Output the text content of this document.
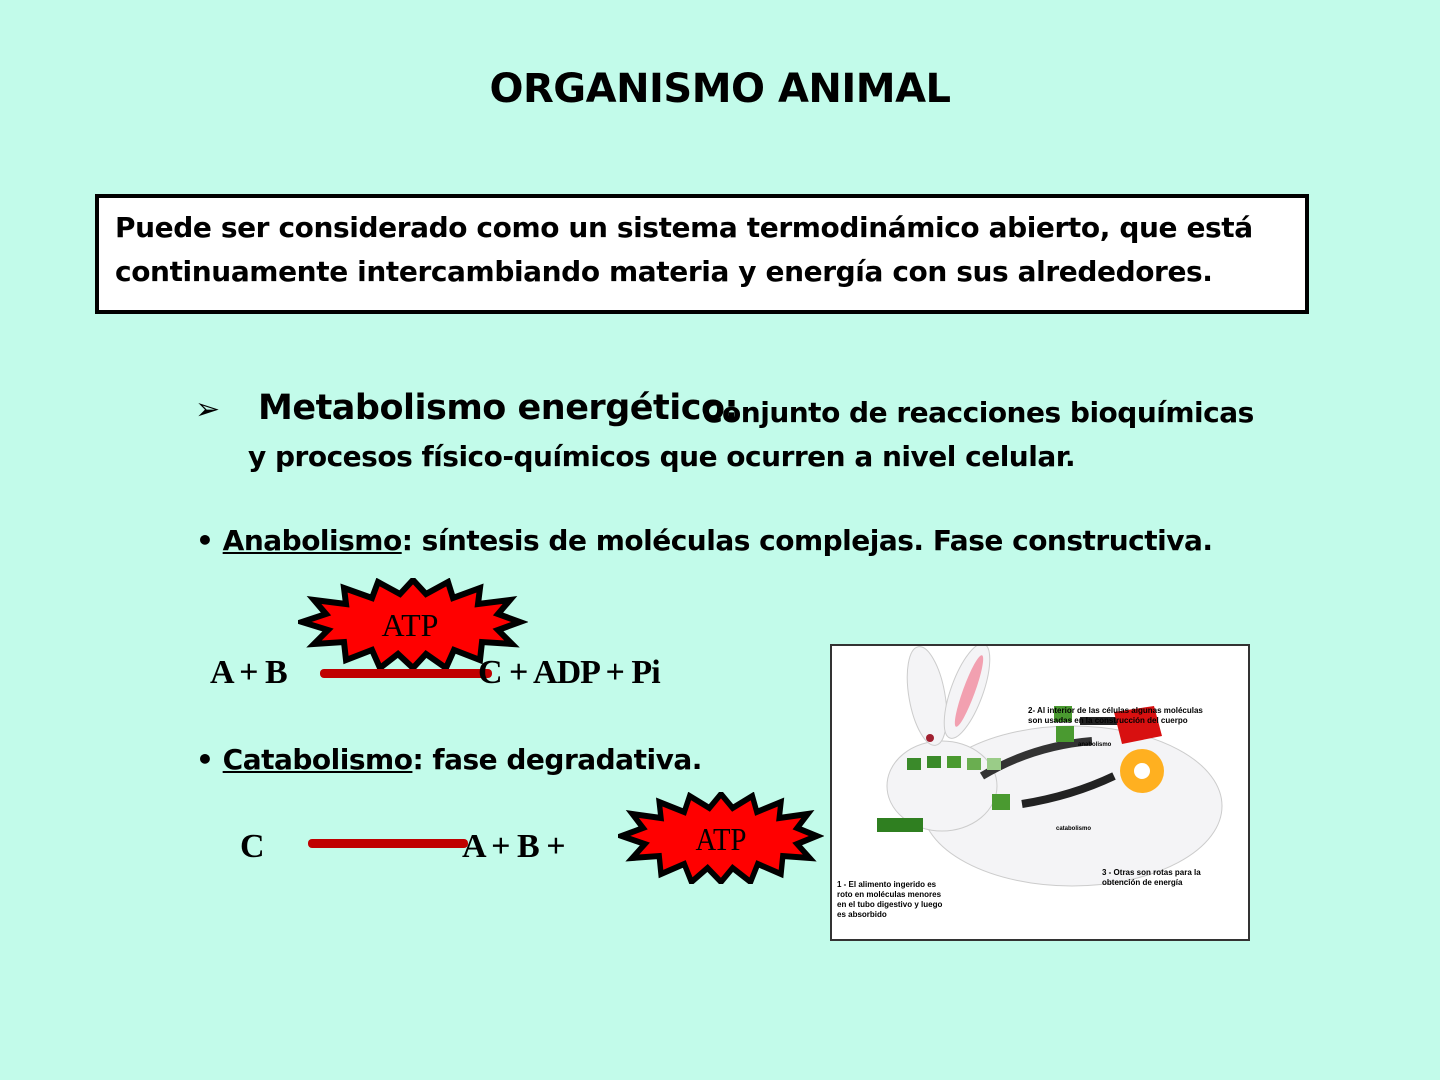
ORGANISMO ANIMAL
Puede ser considerado como un sistema termodinámico abierto, que está continuamente intercambiando materia y energía con sus alrededores.
➢ Metabolismo energético:
Conjunto de reacciones bioquímicas
y procesos físico-químicos que ocurren a nivel celular.
• Anabolismo: síntesis de moléculas complejas. Fase constructiva.
ATP
A + B	C + ADP + Pi
• Catabolismo: fase degradativa.
C	A + B +	ATP
2- Al interior de las células algunas moléculas son usadas en la construcción del cuerpo
anabolismo
catabolismo
3 - Otras son rotas para la obtención de energía
1 - El alimento ingerido es roto en moléculas menores en el tubo digestivo y luego es absorbido
